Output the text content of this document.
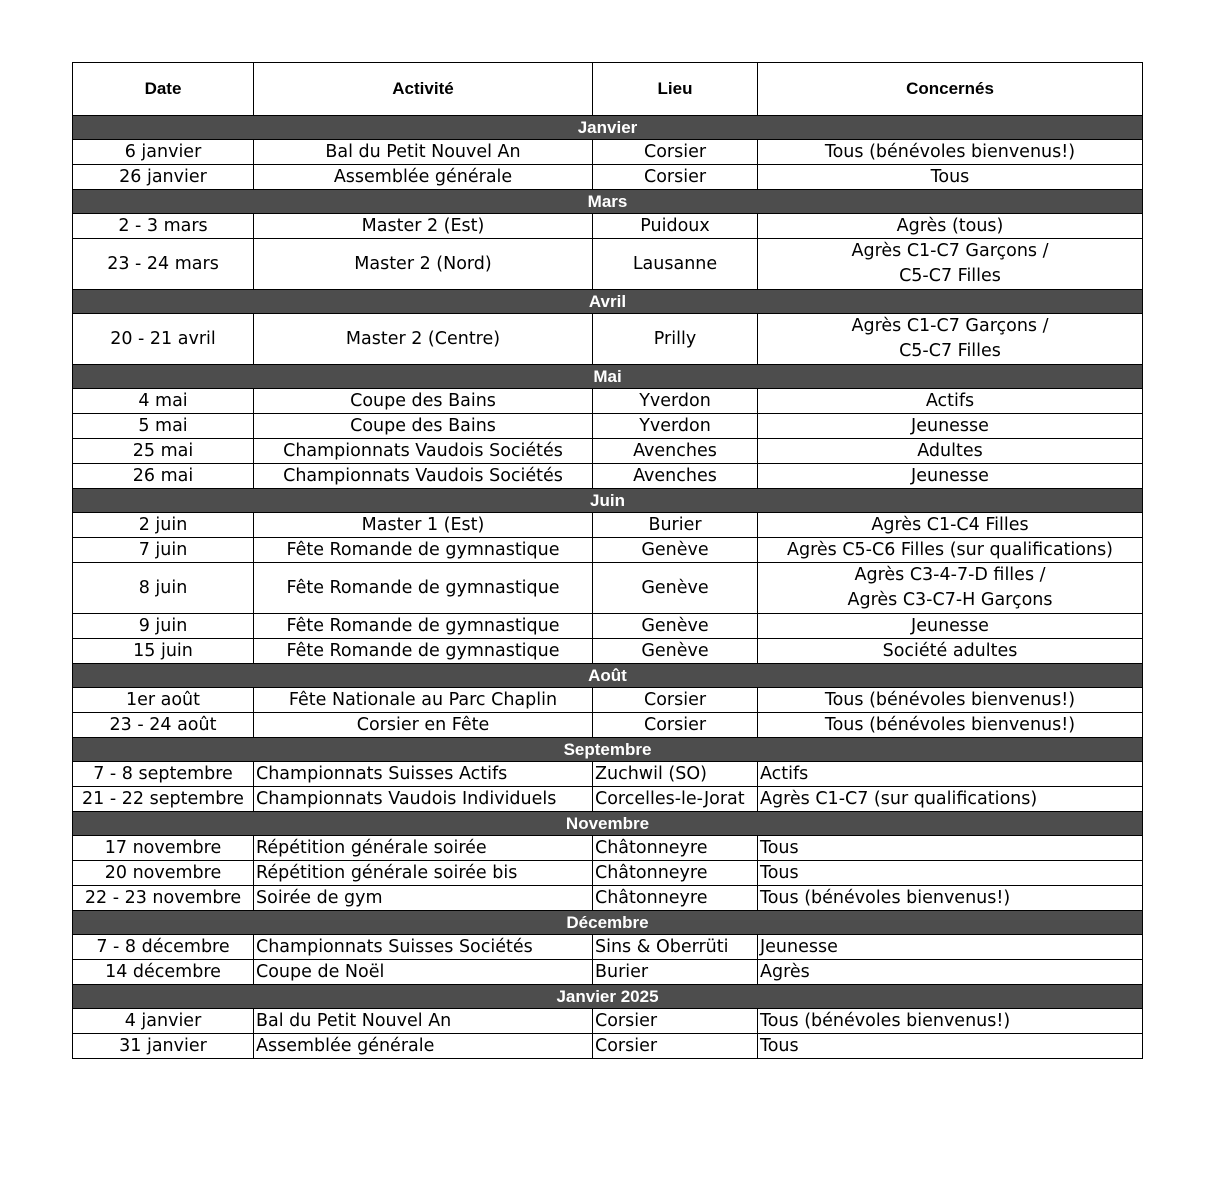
Date	Activité	Lieu	Concernés
Janvier			
6 janvier	Bal du Petit Nouvel An	Corsier	Tous (bénévoles bienvenus!)

26 janvier	Assemblée générale	Corsier	Tous

Mars			
2 - 3 mars	Master 2 (Est)	Puidoux	Agrès (tous)

23 - 24 mars	Master 2 (Nord)	Lausanne	Agrès C1-C7 Garçons /
C5-C7 Filles

Avril			
20 - 21 avril	Master 2 (Centre)	Prilly	Agrès C1-C7 Garçons /
C5-C7 Filles

Mai			
4 mai	Coupe des Bains	Yverdon	Actifs

5 mai	Coupe des Bains	Yverdon	Jeunesse

25 mai	Championnats Vaudois Sociétés	Avenches	Adultes

26 mai	Championnats Vaudois Sociétés	Avenches	Jeunesse

Juin			
2 juin	Master 1 (Est)	Burier	Agrès C1-C4 Filles

7 juin	Fête Romande de gymnastique	Genève	Agrès C5-C6 Filles (sur qualifications)

8 juin	Fête Romande de gymnastique	Genève	Agrès C3-4-7-D filles /
Agrès C3-C7-H Garçons

9 juin	Fête Romande de gymnastique	Genève	Jeunesse

15 juin	Fête Romande de gymnastique	Genève	Société adultes

Août			
1er août	Fête Nationale au Parc Chaplin	Corsier	Tous (bénévoles bienvenus!)

23 - 24 août	Corsier en Fête	Corsier	Tous (bénévoles bienvenus!)

Septembre			
7 - 8 septembre	Championnats Suisses Actifs	Zuchwil (SO)	Actifs

21 - 22 septembre	Championnats Vaudois Individuels	Corcelles-le-Jorat	Agrès C1-C7 (sur qualifications)

Novembre			
17 novembre	Répétition générale soirée	Châtonneyre	Tous

20 novembre	Répétition générale soirée bis	Châtonneyre	Tous

22 - 23 novembre	Soirée de gym	Châtonneyre	Tous (bénévoles bienvenus!)

Décembre			
7 - 8 décembre	Championnats Suisses Sociétés	Sins & Oberrüti	Jeunesse

14 décembre	Coupe de Noël	Burier	Agrès

Janvier 2025			
4 janvier	Bal du Petit Nouvel An	Corsier	Tous (bénévoles bienvenus!)

31 janvier	Assemblée générale	Corsier	Tous
